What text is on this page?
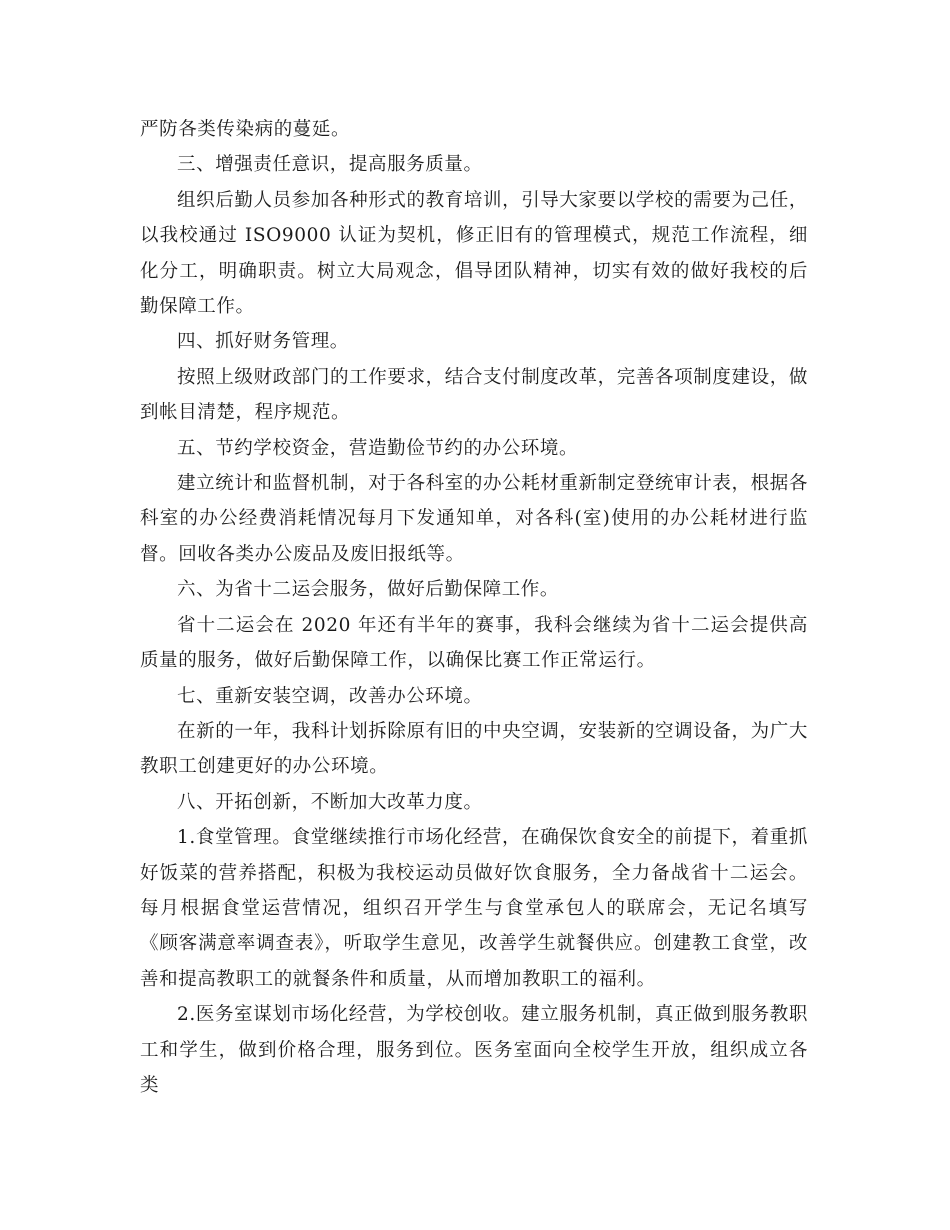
严防各类传染病的蔓延。

三、增强责任意识，提高服务质量。

组织后勤人员参加各种形式的教育培训，引导大家要以学校的需要为己任，以我校通过 ISO9000 认证为契机，修正旧有的管理模式，规范工作流程，细化分工，明确职责。树立大局观念，倡导团队精神，切实有效的做好我校的后勤保障工作。

四、抓好财务管理。

按照上级财政部门的工作要求，结合支付制度改革，完善各项制度建设，做到帐目清楚，程序规范。

五、节约学校资金，营造勤俭节约的办公环境。

建立统计和监督机制，对于各科室的办公耗材重新制定登统审计表，根据各科室的办公经费消耗情况每月下发通知单，对各科(室)使用的办公耗材进行监督。回收各类办公废品及废旧报纸等。

六、为省十二运会服务，做好后勤保障工作。

省十二运会在 2020 年还有半年的赛事，我科会继续为省十二运会提供高质量的服务，做好后勤保障工作，以确保比赛工作正常运行。

七、重新安装空调，改善办公环境。

在新的一年，我科计划拆除原有旧的中央空调，安装新的空调设备，为广大教职工创建更好的办公环境。

八、开拓创新，不断加大改革力度。

1.食堂管理。食堂继续推行市场化经营，在确保饮食安全的前提下，着重抓好饭菜的营养搭配，积极为我校运动员做好饮食服务，全力备战省十二运会。每月根据食堂运营情况，组织召开学生与食堂承包人的联席会，无记名填写《顾客满意率调查表》，听取学生意见，改善学生就餐供应。创建教工食堂，改善和提高教职工的就餐条件和质量，从而增加教职工的福利。

2.医务室谋划市场化经营，为学校创收。建立服务机制，真正做到服务教职工和学生，做到价格合理，服务到位。医务室面向全校学生开放，组织成立各类
